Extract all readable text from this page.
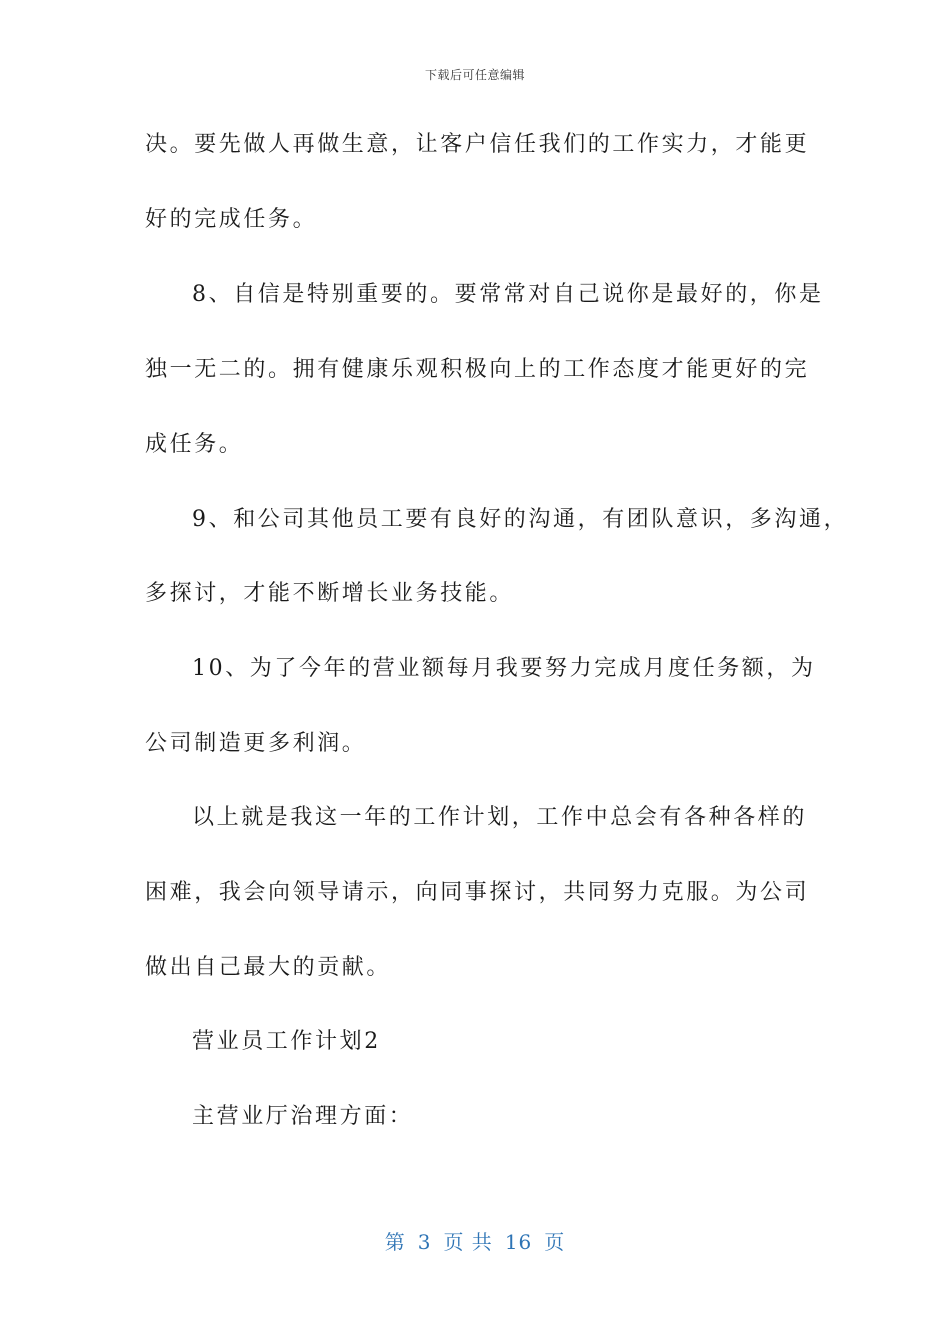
下载后可任意编辑
决。要先做人再做生意，让客户信任我们的工作实力，才能更
好的完成任务。
8、自信是特别重要的。要常常对自己说你是最好的，你是
独一无二的。拥有健康乐观积极向上的工作态度才能更好的完
成任务。
9、和公司其他员工要有良好的沟通，有团队意识，多沟通，
多探讨，才能不断增长业务技能。
10、为了今年的营业额每月我要努力完成月度任务额，为
公司制造更多利润。
以上就是我这一年的工作计划，工作中总会有各种各样的
困难，我会向领导请示，向同事探讨，共同努力克服。为公司
做出自己最大的贡献。
营业员工作计划2
主营业厅治理方面：
第 3 页 共 16 页
